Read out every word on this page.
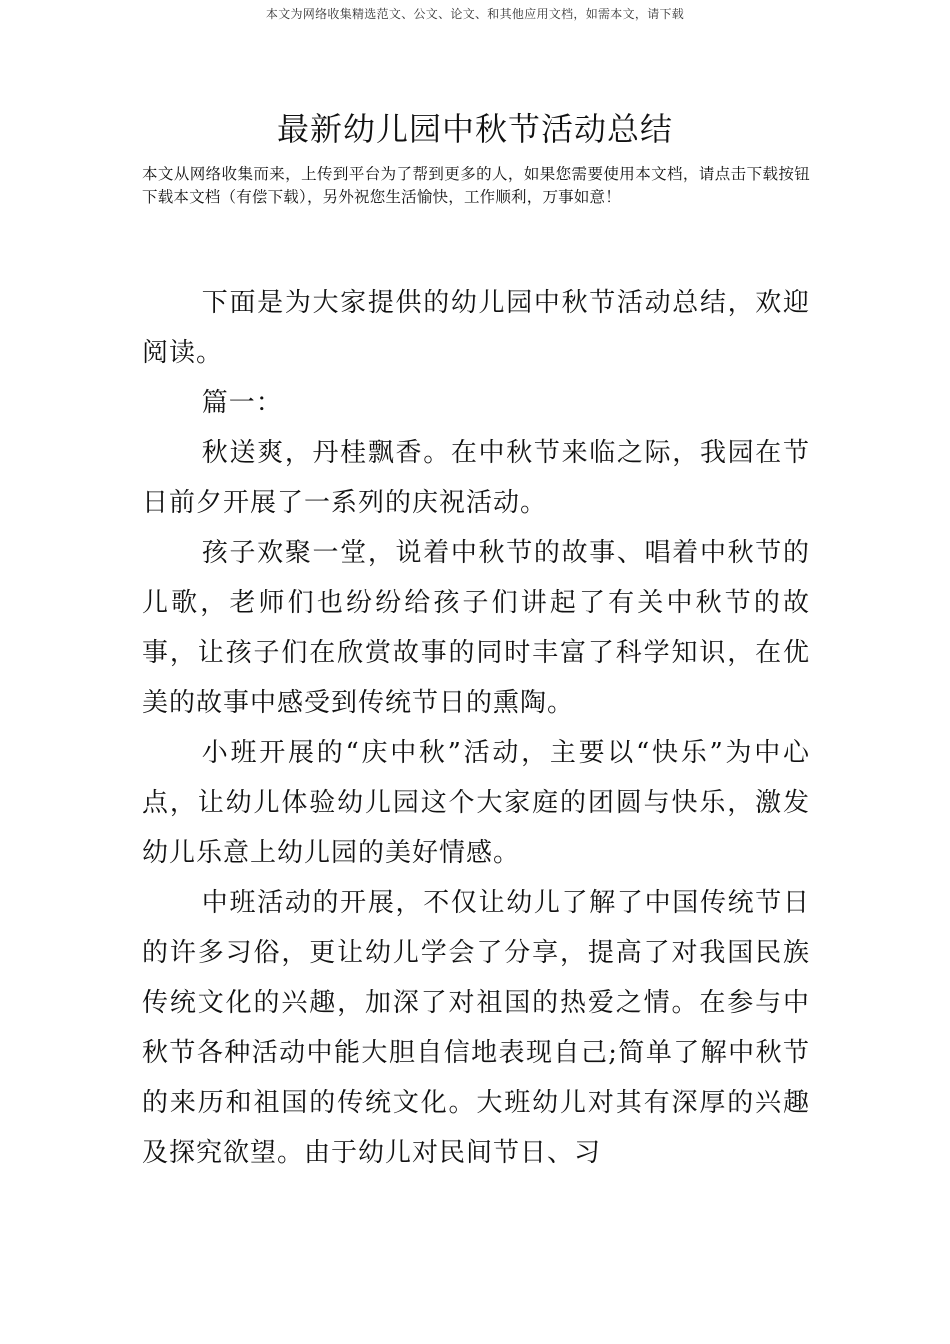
本文为网络收集精选范文、公文、论文、和其他应用文档，如需本文，请下载
最新幼儿园中秋节活动总结

本文从网络收集而来，上传到平台为了帮到更多的人，如果您需要使用本文档，请点击下载按钮下载本文档（有偿下载），另外祝您生活愉快，工作顺利，万事如意！

下面是为大家提供的幼儿园中秋节活动总结，欢迎阅读。

篇一：

秋送爽，丹桂飘香。在中秋节来临之际，我园在节日前夕开展了一系列的庆祝活动。

孩子欢聚一堂，说着中秋节的故事、唱着中秋节的儿歌，老师们也纷纷给孩子们讲起了有关中秋节的故事，让孩子们在欣赏故事的同时丰富了科学知识，在优美的故事中感受到传统节日的熏陶。

小班开展的“庆中秋”活动，主要以“快乐”为中心点，让幼儿体验幼儿园这个大家庭的团圆与快乐，激发幼儿乐意上幼儿园的美好情感。

中班活动的开展，不仅让幼儿了解了中国传统节日的许多习俗，更让幼儿学会了分享，提高了对我国民族传统文化的兴趣，加深了对祖国的热爱之情。在参与中秋节各种活动中能大胆自信地表现自己;简单了解中秋节的来历和祖国的传统文化。大班幼儿对其有深厚的兴趣及探究欲望。由于幼儿对民间节日、习
